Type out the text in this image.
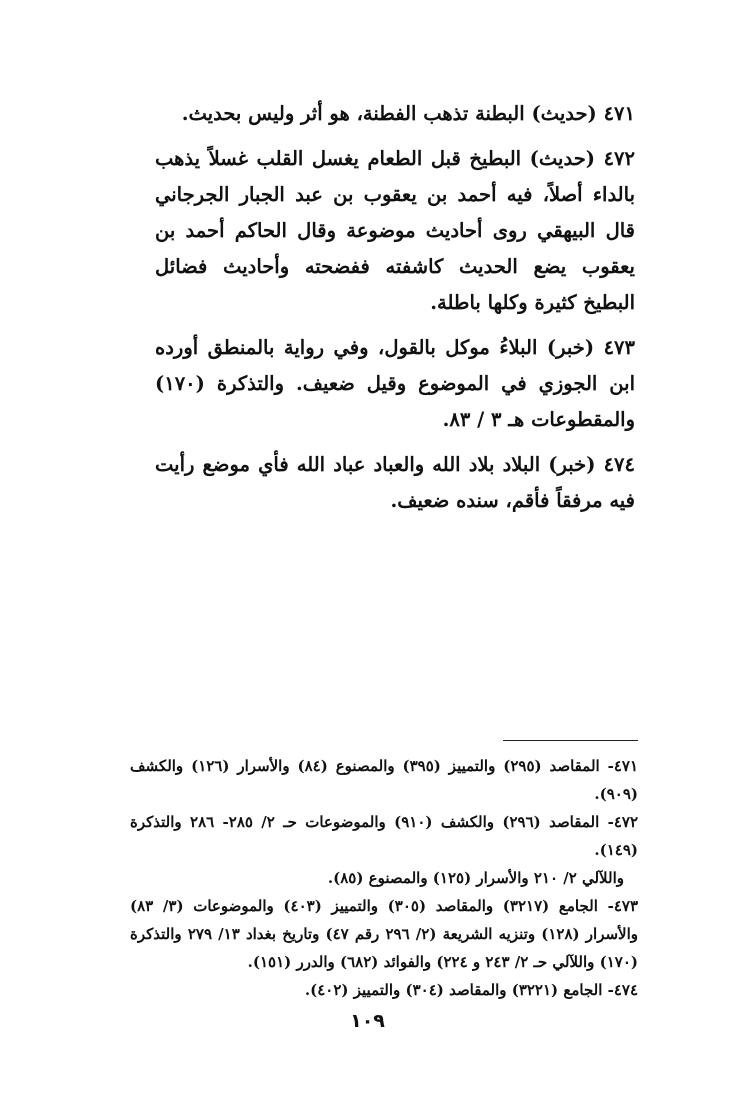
٤٧١ (حديث) البطنة تذهب الفطنة، هو أثر وليس بحديث.

٤٧٢ (حديث) البطيخ قبل الطعام يغسل القلب غسلاً يذهب بالداء أصلاً، فيه أحمد بن يعقوب بن عبد الجبار الجرجاني قال البيهقي روى أحاديث موضوعة وقال الحاكم أحمد بن يعقوب يضع الحديث كاشفته ففضحته وأحاديث فضائل البطيخ كثيرة وكلها باطلة.

٤٧٣ (خبر) البلاءُ موكل بالقول، وفي رواية بالمنطق أورده ابن الجوزي في الموضوع وقيل ضعيف. والتذكرة (١٧٠) والمقطوعات هـ ٣ / ٨٣.

٤٧٤ (خبر) البلاد بلاد الله والعباد عباد الله فأي موضع رأيت فيه مرفقاً فأقم، سنده ضعيف.

٤٧١- المقاصد (٢٩٥) والتمييز (٣٩٥) والمصنوع (٨٤) والأسرار (١٢٦) والكشف (٩٠٩).

٤٧٢- المقاصد (٢٩٦) والكشف (٩١٠) والموضوعات حـ ٢/ ٢٨٥- ٢٨٦ والتذكرة (١٤٩).

واللآلي ٢/ ٢١٠ والأسرار (١٢٥) والمصنوع (٨٥).

٤٧٣- الجامع (٣٢١٧) والمقاصد (٣٠٥) والتمييز (٤٠٣) والموضوعات (٣/ ٨٣) والأسرار (١٢٨) وتنزيه الشريعة (٢/ ٢٩٦ رقم ٤٧) وتاريخ بغداد ١٣/ ٢٧٩ والتذكرة (١٧٠) واللآلي حـ ٢/ ٢٤٣ و ٢٢٤) والفوائد (٦٨٢) والدرر (١٥١).

٤٧٤- الجامع (٣٢٢١) والمقاصد (٣٠٤) والتمييز (٤٠٢).

١٠٩
